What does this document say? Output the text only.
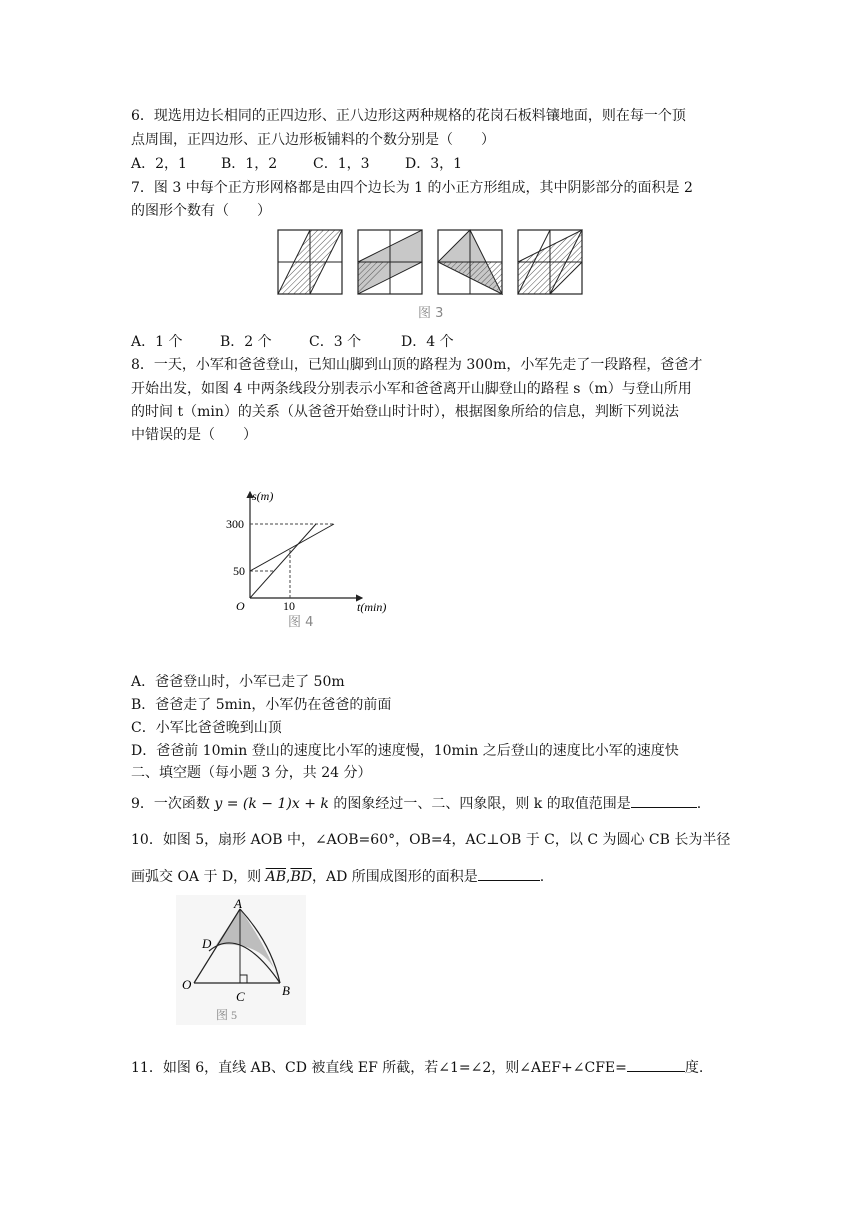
6．现选用边长相同的正四边形、正八边形这两种规格的花岗石板料镶地面，则在每一个顶
点周围，正四边形、正八边形板铺料的个数分别是（　　）
A．2，1 B．1，2	C．1，3	D．3，1
7．图 3 中每个正方形网格都是由四个边长为 1 的小正方形组成，其中阴影部分的面积是 2
的图形个数有（　　）
图 3
A．1 个	B．2 个	C．3 个	D．4 个
8．一天，小军和爸爸登山，已知山脚到山顶的路程为 300m，小军先走了一段路程，爸爸才
开始出发，如图 4 中两条线段分别表示小军和爸爸离开山脚登山的路程 s（m）与登山所用
的时间 t（min）的关系（从爸爸开始登山时计时），根据图象所给的信息，判断下列说法
中错误的是（　　）
s(m)
t(min)
O
300
50
10
图 4
A．爸爸登山时，小军已走了 50m
B．爸爸走了 5min，小军仍在爸爸的前面
C．小军比爸爸晚到山顶
D．爸爸前 10min 登山的速度比小军的速度慢，10min 之后登山的速度比小军的速度快
二、填空题（每小题 3 分，共 24 分）
9．一次函数 y = (k − 1)x + k 的图象经过一、二、四象限，则 k 的取值范围是	.
10．如图 5，扇形 AOB 中，∠AOB=60°，OB=4，AC⊥OB 于 C，以 C 为圆心 CB 长为半径
画弧交 OA 于 D，则 $\overline{AB},\overline{BD}$，AD 所围成图形的面积是	.
A
D
O
C	B
图 5
11．如图 6，直线 AB、CD 被直线 EF 所截，若∠1=∠2，则∠AEF+∠CFE=	度.
